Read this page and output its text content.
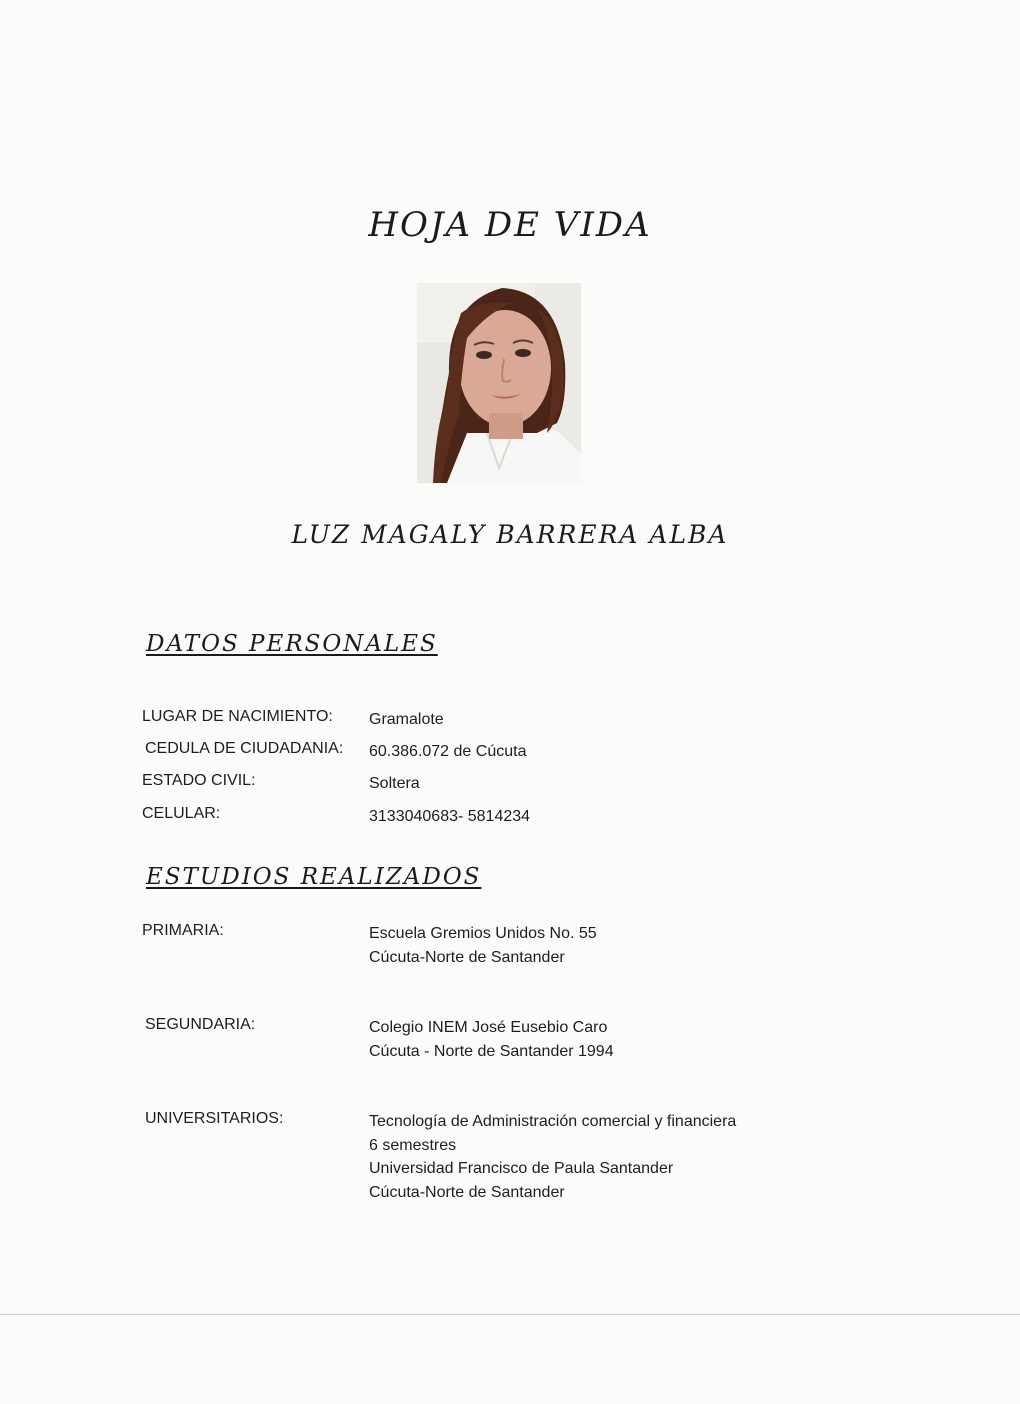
HOJA DE VIDA
LUZ MAGALY BARRERA ALBA
DATOS PERSONALES
LUGAR DE NACIMIENTO: Gramalote
CEDULA DE CIUDADANIA: 60.386.072 de Cúcuta
ESTADO CIVIL:	Soltera
CELULAR:	3133040683- 5814234
ESTUDIOS REALIZADOS
PRIMARIA:	Escuela Gremios Unidos No. 55
Cúcuta-Norte de Santander
SEGUNDARIA:	Colegio INEM José Eusebio Caro
Cúcuta - Norte de Santander 1994
UNIVERSITARIOS:	Tecnología de Administración comercial y financiera
6 semestres
Universidad Francisco de Paula Santander
Cúcuta-Norte de Santander
